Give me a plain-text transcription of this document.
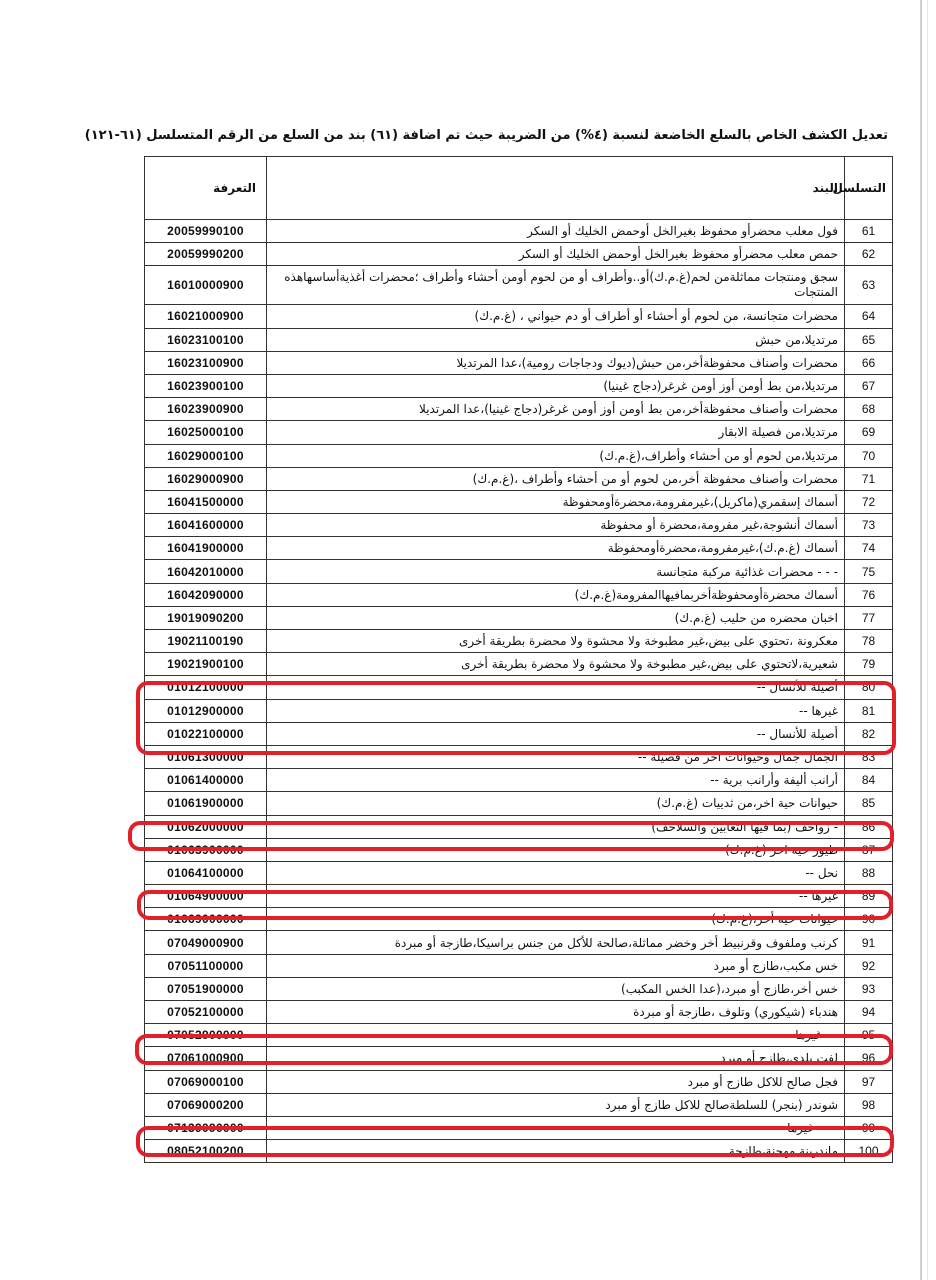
تعديل الكشف الخاص بالسلع الخاضعة لنسبة (٤%) من الضريبة حيث تم اضافة (٦١) بند من السلع من الرقم المتسلسل (٦١-١٢١)
التسلسل	البند	التعرفة
61	فول معلب محضرأو محفوظ بغيرالخل أوحمض الخليك أو السكر	20059990100
62	حمص معلب محضرأو محفوظ بغيرالخل أوحمض الخليك أو السكر	20059990200
63	سجق ومنتجات مماثلةمن لحم(غ.م.ك)أو..وأطراف أو من لحوم أومن أحشاء وأطراف ؛محضرات أغذيةأساسهاهذه المنتجات	16010000900
64	محضرات متجانسة، من لحوم أو أحشاء أو أطراف أو دم حيواني ، (غ.م.ك)	16021000900
65	مرتديلا،من حبش	16023100100
66	محضرات وأصناف محفوظةأخر،من حبش(ديوك ودجاجات رومية)،عدا المرتديلا	16023100900
67	مرتديلا،من بط أومن أوز أومن غرغر(دجاج غينيا)	16023900100
68	محضرات وأصناف محفوظةأخر،من بط أومن أوز أومن غرغر(دجاج غينيا)،عدا المرتديلا	16023900900
69	مرتديلا،من فصيلة الابقار	16025000100
70	مرتديلا،من لحوم أو من أحشاء وأطراف،(غ.م.ك)	16029000100
71	محضرات وأصناف محفوظة أخر،من لحوم أو من أحشاء وأطراف ،(غ.م.ك)	16029000900
72	أسماك إسقمري(ماكريل)،غيرمفرومة،محضرةأومحفوظة	16041500000
73	أسماك أنشوجة،غير مفرومة،محضرة أو محفوظة	16041600000
74	أسماك (غ.م.ك)،غيرمفرومة،محضرةأومحفوظة	16041900000
75	- - - محضرات غذائية مركبة متجانسة	16042010000
76	أسماك محضرةأومحفوظةأخربمافيهاالمفرومة(غ.م.ك)	16042090000
77	اخبان محضره من حليب (غ.م.ك)	19019090200
78	معكرونة ،تحتوي على بيض،غير مطبوخة ولا محشوة ولا محضرة بطريقة أخرى	19021100190
79	شعيرية،لاتحتوي على بيض،غير مطبوخة ولا محشوة ولا محضرة بطريقة أخرى	19021900100
80	أصيلة للأنسال --	01012100000
81	غيرها --	01012900000
82	أصيلة للأنسال --	01022100000
83	الجمال جمال وحيوانات اخر من فصيلة --	01061300000
84	أرانب أليفة وأرانب برية --	01061400000
85	حيوانات حية اخر،من ثدييات (غ.م.ك)	01061900000
86	- زواحف (بما فيها الثعابين والسلاحف)	01062000000
87	طيور حية اخر (غ.م.ك)	01063900000
88	نحل --	01064100000
89	غيرها --	01064900000
90	حيوانات حية أخر،(غ.م.ك)	01069000000
91	كرنب وملفوف وقرنبيط أخر وخضر مماثلة،صالحة للأكل من جنس براسيكا،طازجة أو مبردة	07049000900
92	خس مكبب،طازج أو مبرد	07051100000
93	خس أخر،طازج أو مبرد،(عدا الخس المكبب)	07051900000
94	هندباء (شيكوري) وتلوف ،طازجة أو مبردة	07052100000
95	- - غيرها	07052900000
96	لفت بلدي،طازج أو مبرد	07061000900
97	فجل صالح للاكل طازج أو مبرد	07069000100
98	شوندر (بنجر) للسلطةصالح للاكل طازج أو مبرد	07069000200
99	- - - غيرها	07139090000
100	ماندرينة مهجنة،طازجة	08052100200
